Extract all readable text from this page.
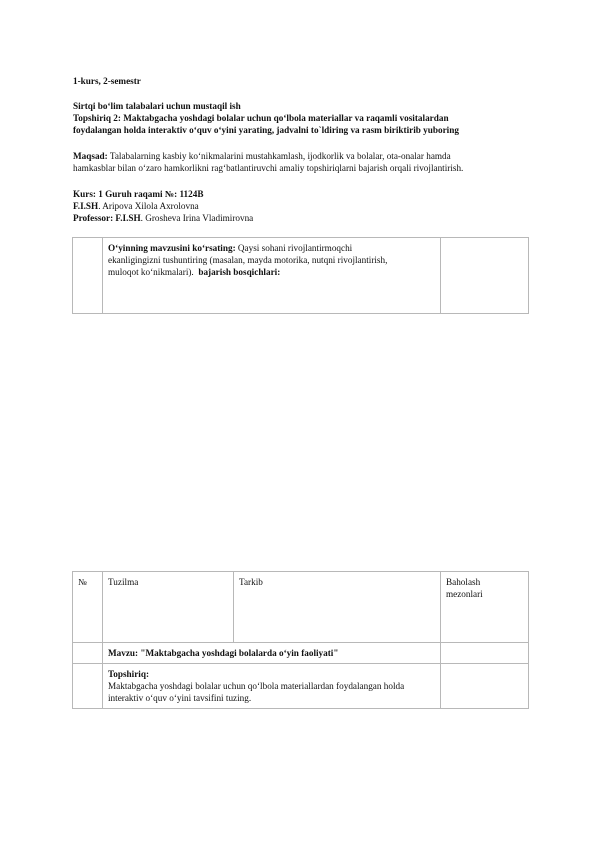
1-kurs, 2-semestr
Sirtqi bo‘lim talabalari uchun mustaqil ish
Topshiriq 2: Maktabgacha yoshdagi bolalar uchun qo‘lbola materiallar va raqamli vositalardan
foydalangan holda interaktiv o‘quv o‘yini yarating, jadvalni to`ldiring va rasm biriktirib yuboring
Maqsad: Talabalarning kasbiy ko‘nikmalarini mustahkamlash, ijodkorlik va bolalar, ota-onalar hamda
hamkasblar bilan o‘zaro hamkorlikni rag‘batlantiruvchi amaliy topshiriqlarni bajarish orqali rivojlantirish.
Kurs: 1 Guruh raqami №: 1124B
F.I.SH. Aripova Xilola Axrolovna
Professor: F.I.SH. Grosheva Irina Vladimirovna
	O‘yinning mavzusini ko‘rsating: Qaysi sohani rivojlantirmoqchi
ekanligingizni tushuntiring (masalan, mayda motorika, nutqni rivojlantirish,
muloqot ko‘nikmalari). bajarish bosqichlari:	
№	Tuzilma	Tarkib	Baholash
mezonlari
	Mavzu: "Maktabgacha yoshdagi bolalarda o‘yin faoliyati"		
	Topshiriq:
Maktabgacha yoshdagi bolalar uchun qo‘lbola materiallardan foydalangan holda
interaktiv o‘quv o‘yini tavsifini tuzing.		
